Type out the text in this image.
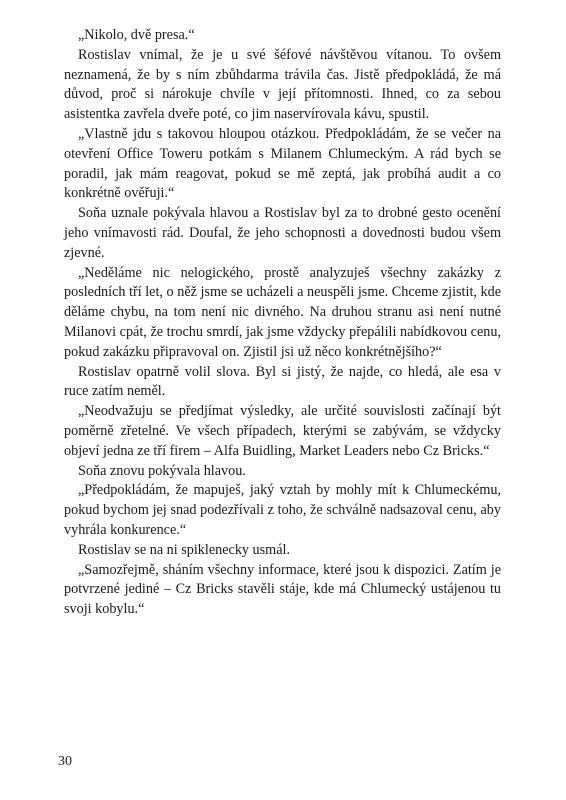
„Nikolo, dvě presa.“

Rostislav vnímal, že je u své šéfové návštěvou vítanou. To ovšem neznamená, že by s ním zbůhdarma trávila čas. Jistě předpokládá, že má důvod, proč si nárokuje chvíle v její přítomnosti. Ihned, co za sebou asistentka zavřela dveře poté, co jim naservírovala kávu, spustil.

„Vlastně jdu s takovou hloupou otázkou. Předpokládám, že se večer na otevření Office Toweru potkám s Milanem Chlumeckým. A rád bych se poradil, jak mám reagovat, pokud se mě zeptá, jak probíhá audit a co konkrétně ověřuji.“

Soňa uznale pokývala hlavou a Rostislav byl za to drobné gesto ocenění jeho vnímavosti rád. Doufal, že jeho schopnosti a dovednosti budou všem zjevné.

„Neděláme nic nelogického, prostě analyzuješ všechny zakázky z posledních tří let, o něž jsme se ucházeli a neuspěli jsme. Chceme zjistit, kde děláme chybu, na tom není nic divného. Na druhou stranu asi není nutné Milanovi cpát, že trochu smrdí, jak jsme vždycky přepálili nabídkovou cenu, pokud zakázku připravoval on. Zjistil jsi už něco konkrétnějšího?“

Rostislav opatrně volil slova. Byl si jistý, že najde, co hledá, ale esa v ruce zatím neměl.

„Neodvažuju se předjímat výsledky, ale určité souvislosti začínají být poměrně zřetelné. Ve všech případech, kterými se zabývám, se vždycky objeví jedna ze tří firem – Alfa Buidling, Market Leaders nebo Cz Bricks.“

Soňa znovu pokývala hlavou.

„Předpokládám, že mapuješ, jaký vztah by mohly mít k Chlumeckému, pokud bychom jej snad podezřívali z toho, že schválně nadsazoval cenu, aby vyhrála konkurence.“

Rostislav se na ni spiklenecky usmál.

„Samozřejmě, sháním všechny informace, které jsou k dispozici. Zatím je potvrzené jediné – Cz Bricks stavěli stáje, kde má Chlumecký ustájenou tu svoji kobylu.“

30
